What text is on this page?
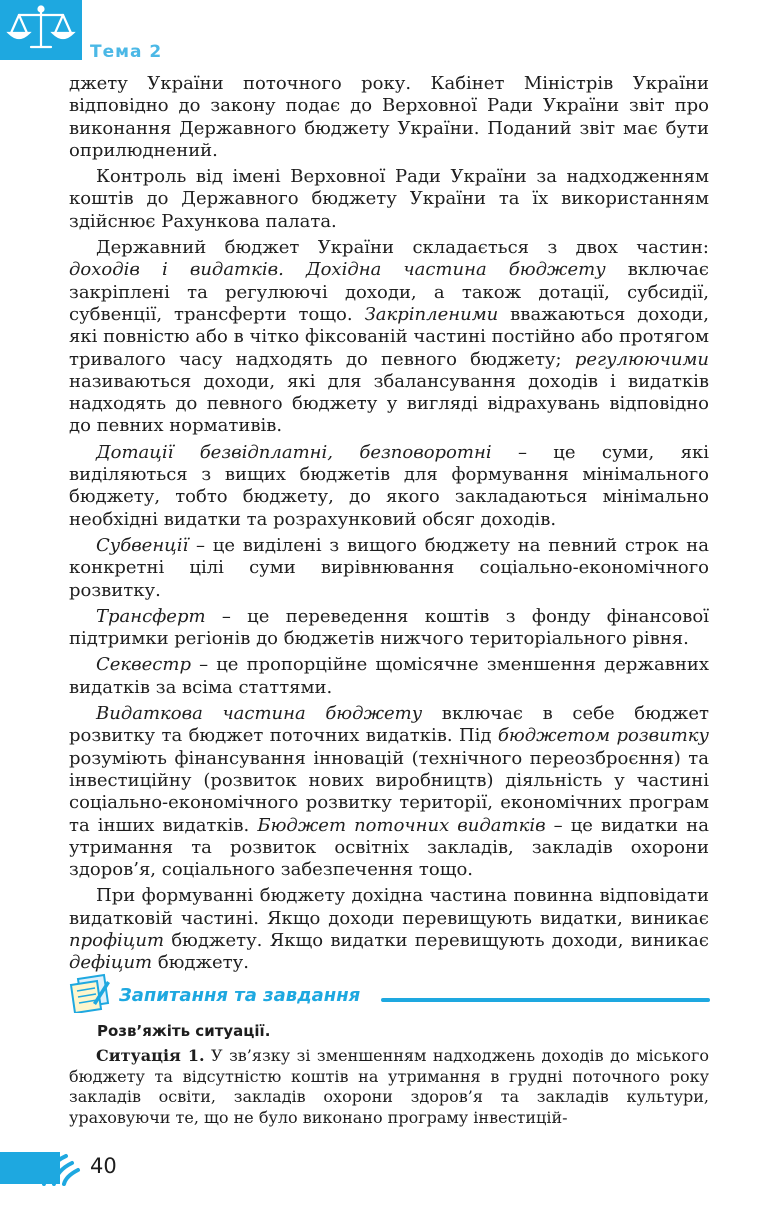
Тема 2

джету України поточного року. Кабінет Міністрів України відповідно до закону подає до Верховної Ради України звіт про виконання Державного бюджету України. Поданий звіт має бути оприлюднений.

Контроль від імені Верховної Ради України за надходженням коштів до Державного бюджету України та їх використанням здійснює Рахункова палата.

Державний бюджет України складається з двох частин: доходів і видатків. Дохідна частина бюджету включає закріплені та регулюючі доходи, а також дотації, субсидії, субвенції, трансферти тощо. Закріпленими вважаються доходи, які повністю або в чітко фіксованій частині постійно або протягом тривалого часу надходять до певного бюджету; регулюючими називаються доходи, які для збалансування доходів і видатків надходять до певного бюджету у вигляді відрахувань відповідно до певних нормативів.

Дотації безвідплатні, безповоротні – це суми, які виділяються з вищих бюджетів для формування мінімального бюджету, тобто бюджету, до якого закладаються мінімально необхідні видатки та розрахунковий обсяг доходів.

Субвенції – це виділені з вищого бюджету на певний строк на конкретні цілі суми вирівнювання соціально-економічного розвитку.

Трансферт – це переведення коштів з фонду фінансової підтримки регіонів до бюджетів нижчого територіального рівня.

Секвестр – це пропорційне щомісячне зменшення державних видатків за всіма статтями.

Видаткова частина бюджету включає в себе бюджет розвитку та бюджет поточних видатків. Під бюджетом розвитку розуміють фінансування інновацій (технічного переозброєння) та інвестиційну (розвиток нових виробництв) діяльність у частині соціально-економічного розвитку території, економічних програм та інших видатків. Бюджет поточних видатків – це видатки на утримання та розвиток освітніх закладів, закладів охорони здоров’я, соціального забезпечення тощо.

При формуванні бюджету дохідна частина повинна відповідати видатковій частині. Якщо доходи перевищують видатки, виникає профіцит бюджету. Якщо видатки перевищують доходи, виникає дефіцит бюджету.

Запитання та завдання
Розв’яжіть ситуації.

Ситуація 1. У зв’язку зі зменшенням надходжень доходів до міського бюджету та відсутністю коштів на утримання в грудні поточного року закладів освіти, закладів охорони здоров’я та закладів культури, ураховуючи те, що не було виконано програму інвестицій-

40
